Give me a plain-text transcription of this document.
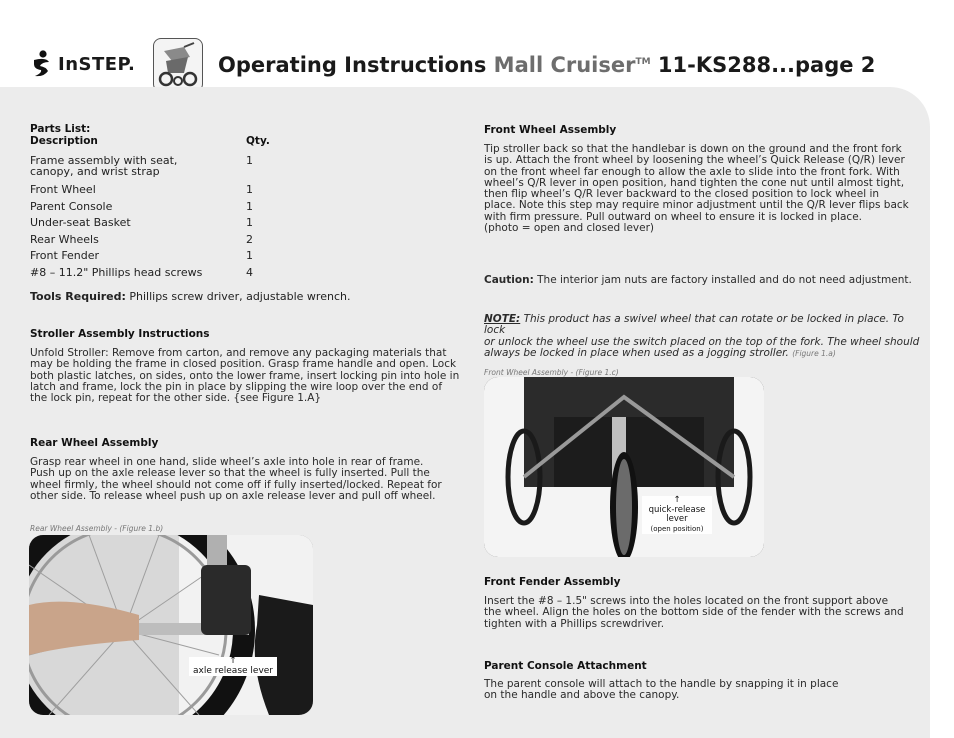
InSTEP.	Operating Instructions Mall Cruiser™ 11-KS288...page 2
Parts List:
Description	Qty.
Frame assembly with seat,
canopy, and wrist strap
1
Front Wheel	1
Parent Console	1
Under-seat Basket	1
Rear Wheels	2
Front Fender	1
#8 – 11.2" Phillips head screws	4
Tools Required: Phillips screw driver, adjustable wrench.
Stroller Assembly Instructions
Unfold Stroller: Remove from carton, and remove any packaging materials that
may be holding the frame in closed position. Grasp frame handle and open. Lock
both plastic latches, on sides, onto the lower frame, insert locking pin into hole in
latch and frame, lock the pin in place by slipping the wire loop over the end of
the lock pin, repeat for the other side. {see Figure 1.A}
Rear Wheel Assembly
Grasp rear wheel in one hand, slide wheel’s axle into hole in rear of frame.
Push up on the axle release lever so that the wheel is fully inserted. Pull the
wheel firmly, the wheel should not come off if fully inserted/locked. Repeat for
other side. To release wheel push up on axle release lever and pull off wheel.
Rear Wheel Assembly - (Figure 1.b)
↑
axle release lever
Front Wheel Assembly
Tip stroller back so that the handlebar is down on the ground and the front fork
is up. Attach the front wheel by loosening the wheel’s Quick Release (Q/R) lever
on the front wheel far enough to allow the axle to slide into the front fork. With
wheel’s Q/R lever in open position, hand tighten the cone nut until almost tight,
then flip wheel’s Q/R lever backward to the closed position to lock wheel in
place. Note this step may require minor adjustment until the Q/R lever flips back
with firm pressure. Pull outward on wheel to ensure it is locked in place.
(photo = open and closed lever)
Caution: The interior jam nuts are factory installed and do not need adjustment.
NOTE: This product has a swivel wheel that can rotate or be locked in place. To lock
or unlock the wheel use the switch placed on the top of the fork. The wheel should
always be locked in place when used as a jogging stroller. (Figure 1.a)
Front Wheel Assembly - (Figure 1.c)
↑
quick-release
lever
(open position)
Front Fender Assembly
Insert the #8 – 1.5" screws into the holes located on the front support above
the wheel. Align the holes on the bottom side of the fender with the screws and
tighten with a Phillips screwdriver.
Parent Console Attachment
The parent console will attach to the handle by snapping it in place
on the handle and above the canopy.
